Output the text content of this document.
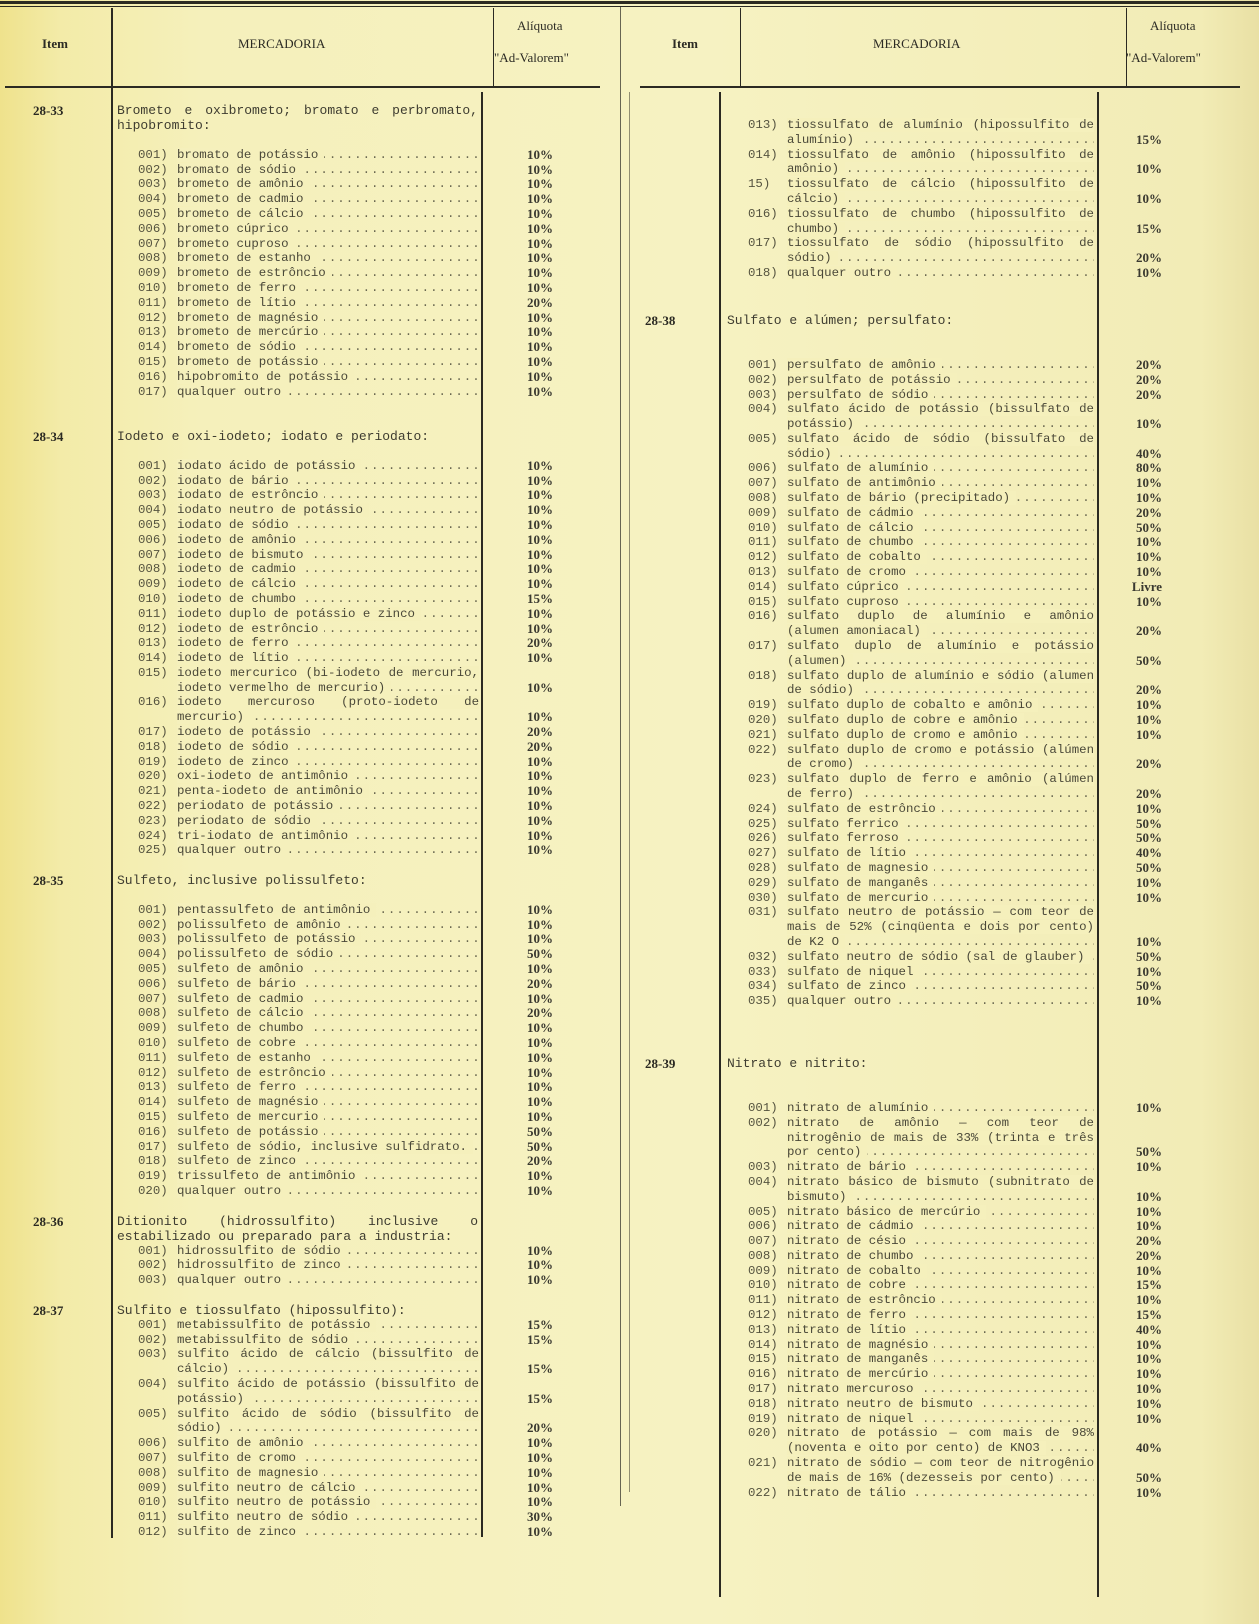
Item	MERCADORIA
Alíquota
"Ad-Valorem"
Item	MERCADORIA
Alíquota
"Ad-Valorem"
28-33	Brometo e oxibrometo; bromato e perbromato, hipobromito:
001) bromato de potássio .....	10%
002) bromato de sódio .....	10%
003) brometo de amônio .....	10%
004) brometo de cadmio .....	10%
005) brometo de cálcio .....	10%
006) brometo cúprico .....	10%
007) brometo cuproso .....	10%
008) brometo de estanho .....	10%
009) brometo de estrôncio .....	10%
010) brometo de ferro .....	10%
011) brometo de lítio .....	20%
012) brometo de magnésio .....	10%
013) brometo de mercúrio .....	10%
014) brometo de sódio .....	10%
015) brometo de potássio .....	10%
016) hipobromito de potássio .....	10%
017) qualquer outro .....	10%
28-34	Iodeto e oxi-iodeto; iodato e periodato:
001) iodato ácido de potássio .....	10%
002) iodato de bário .....	10%
003) iodato de estrôncio .....	10%
004) iodato neutro de potássio .....	10%
005) iodato de sódio .....	10%
006) iodeto de amônio .....	10%
007) iodeto de bismuto .....	10%
008) iodeto de cadmio .....	10%
009) iodeto de cálcio .....	10%
010) iodeto de chumbo .....	15%
011) iodeto duplo de potássio e zinco .....	10%
012) iodeto de estrôncio .....	10%
013) iodeto de ferro .....	20%
014) iodeto de lítio .....	10%
015) iodeto mercurico (bi-iodeto de mercurio, iodeto vermelho de mercurio) .....	10%
016) iodeto mercuroso (proto-iodeto de mercurio) .....	10%
017) iodeto de potássio .....	20%
018) iodeto de sódio .....	20%
019) iodeto de zinco .....	10%
020) oxi-iodeto de antimônio .....	10%
021) penta-iodeto de antimônio .....	10%
022) periodato de potássio .....	10%
023) periodato de sódio .....	10%
024) tri-iodato de antimônio .....	10%
025) qualquer outro .....	10%
28-35	Sulfeto, inclusive polissulfeto:
001) pentassulfeto de antimônio .....	10%
002) polissulfeto de amônio .....	10%
003) polissulfeto de potássio .....	10%
004) polissulfeto de sódio .....	50%
005) sulfeto de amônio .....	10%
006) sulfeto de bário .....	20%
007) sulfeto de cadmio .....	10%
008) sulfeto de cálcio .....	20%
009) sulfeto de chumbo .....	10%
010) sulfeto de cobre .....	10%
011) sulfeto de estanho .....	10%
012) sulfeto de estrôncio .....	10%
013) sulfeto de ferro .....	10%
014) sulfeto de magnésio .....	10%
015) sulfeto de mercurio .....	10%
016) sulfeto de potássio .....	50%
017) sulfeto de sódio, inclusive sulfidrato. .....	50%
018) sulfeto de zinco .....	20%
019) trissulfeto de antimônio .....	10%
020) qualquer outro .....	10%
28-36	Ditionito (hidrossulfito) inclusive o estabilizado ou preparado para a industria:
001) hidrossulfito de sódio .....	10%
002) hidrossulfito de zinco .....	10%
003) qualquer outro .....	10%
28-37	Sulfito e tiossulfato (hipossulfito):
001) metabissulfito de potássio .....	15%
002) metabissulfito de sódio .....	15%
003) sulfito ácido de cálcio (bissulfito de cálcio) .....	15%
004) sulfito ácido de potássio (bissulfito de potássio) .....	15%
005) sulfito ácido de sódio (bissulfito de sódio) .....	20%
006) sulfito de amônio .....	10%
007) sulfito de cromo .....	10%
008) sulfito de magnesio .....	10%
009) sulfito neutro de cálcio .....	10%
010) sulfito neutro de potássio .....	10%
011) sulfito neutro de sódio .....	30%
012) sulfito de zinco .....	10%
013) tiossulfato de alumínio (hipossulfito de alumínio) .....	15%
014) tiossulfato de amônio (hipossulfito de amônio) .....	10%
15)	tiossulfato de cálcio (hipossulfito de cálcio) .....	10%
016) tiossulfato de chumbo (hipossulfito de chumbo) .....	15%
017) tiossulfato de sódio (hipossulfito de sódio) .....	20%
018) qualquer outro .....	10%
28-38	Sulfato e alúmen; persulfato:
001) persulfato de amônio .....	20%
002) persulfato de potássio .....	20%
003) persulfato de sódio .....	20%
004) sulfato ácido de potássio (bissulfato de potássio) .....	10%
005) sulfato ácido de sódio (bissulfato de sódio) .....	40%
006) sulfato de alumínio .....	80%
007) sulfato de antimônio .....	10%
008) sulfato de bário (precipitado) .....	10%
009) sulfato de cádmio .....	20%
010) sulfato de cálcio .....	50%
011) sulfato de chumbo .....	10%
012) sulfato de cobalto .....	10%
013) sulfato de cromo .....	10%
014) sulfato cúprico .....	Livre
015) sulfato cuproso .....	10%
016) sulfato duplo de alumínio e amônio (alumen amoniacal) .....	20%
017) sulfato duplo de alumínio e potássio (alumen) .....	50%
018) sulfato duplo de alumínio e sódio (alumen de sódio) .....	20%
019) sulfato duplo de cobalto e amônio .....	10%
020) sulfato duplo de cobre e amônio .....	10%
021) sulfato duplo de cromo e amônio .....	10%
022) sulfato duplo de cromo e potássio (alúmen de cromo) .....	20%
023) sulfato duplo de ferro e amônio (alúmen de ferro) .....	20%
024) sulfato de estrôncio .....	10%
025) sulfato ferrico .....	50%
026) sulfato ferroso .....	50%
027) sulfato de lítio .....	40%
028) sulfato de magnesio .....	50%
029) sulfato de manganês .....	10%
030) sulfato de mercurio .....	10%
031) sulfato neutro de potássio — com teor de mais de 52% (cinqüenta e dois por cento) de K2 O .....	10%
032) sulfato neutro de sódio (sal de glauber) .....	50%
033) sulfato de niquel .....	10%
034) sulfato de zinco .....	50%
035) qualquer outro .....	10%
28-39	Nitrato e nitrito:
001) nitrato de alumínio .....	10%
002) nitrato de amônio — com teor de nitrogênio de mais de 33% (trinta e três por cento) .....	50%
003) nitrato de bário .....	10%
004) nitrato básico de bismuto (subnitrato de bismuto) .....	10%
005) nitrato básico de mercúrio .....	10%
006) nitrato de cádmio .....	10%
007) nitrato de césio .....	20%
008) nitrato de chumbo .....	20%
009) nitrato de cobalto .....	10%
010) nitrato de cobre .....	15%
011) nitrato de estrôncio .....	10%
012) nitrato de ferro .....	15%
013) nitrato de lítio .....	40%
014) nitrato de magnésio .....	10%
015) nitrato de manganês .....	10%
016) nitrato de mercúrio .....	10%
017) nitrato mercuroso .....	10%
018) nitrato neutro de bismuto .....	10%
019) nitrato de niquel .....	10%
020) nitrato de potássio — com mais de 98% (noventa e oito por cento) de KNO3 .....	40%
021) nitrato de sódio — com teor de nitrogênio de mais de 16% (dezesseis por cento) .....	50%
022) nitrato de tálio .....	10%
